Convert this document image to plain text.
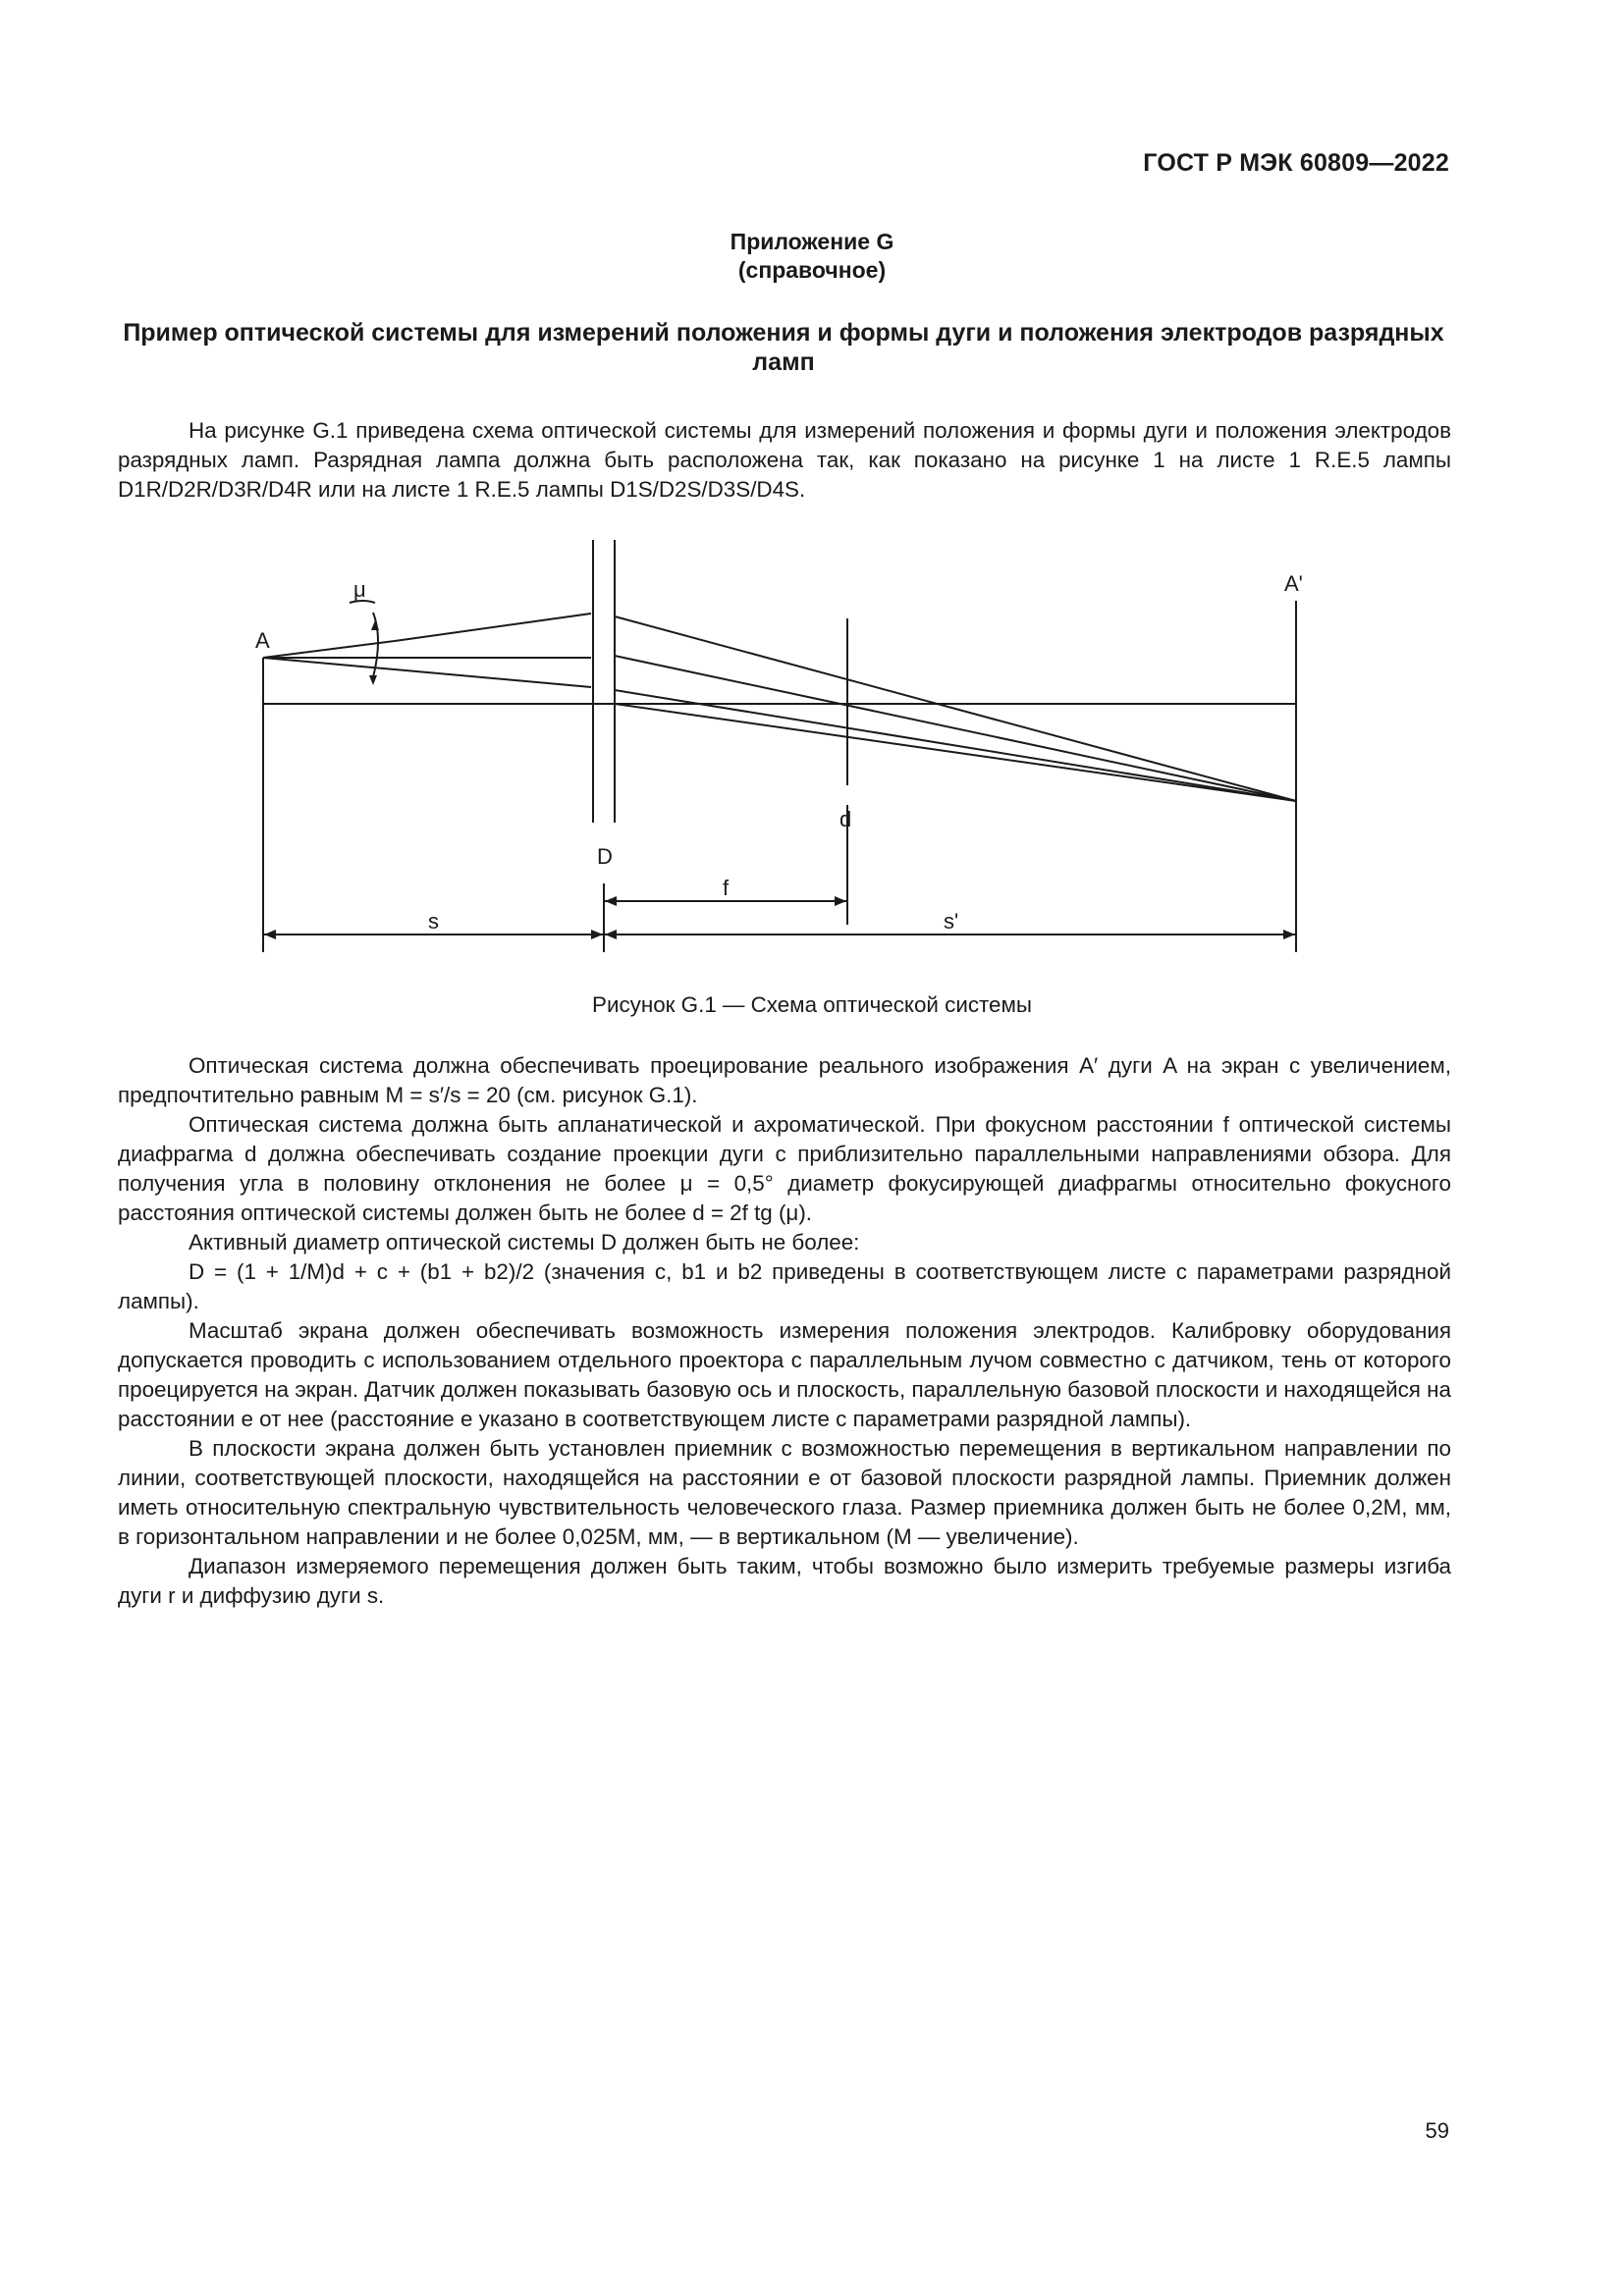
ГОСТ Р МЭК 60809—2022
Приложение G
(справочное)
Пример оптической системы для измерений положения и формы дуги и положения электродов разрядных ламп

На рисунке G.1 приведена схема оптической системы для измерений положения и формы дуги и положения электродов разрядных ламп. Разрядная лампа должна быть расположена так, как показано на рисунке 1 на листе 1 R.E.5 лампы D1R/D2R/D3R/D4R или на листе 1 R.E.5 лампы D1S/D2S/D3S/D4S.

A
A'
μ
D
d
f
s	s'
Рисунок G.1 — Схема оптической системы

Оптическая система должна обеспечивать проецирование реального изображения A′ дуги A на экран с увеличением, предпочтительно равным M = s′/s = 20 (см. рисунок G.1).

Оптическая система должна быть апланатической и ахроматической. При фокусном расстоянии f оптической системы диафрагма d должна обеспечивать создание проекции дуги с приблизительно параллельными направлениями обзора. Для получения угла в половину отклонения не более μ = 0,5° диаметр фокусирующей диафрагмы относительно фокусного расстояния оптической системы должен быть не более d = 2f tg (μ).

Активный диаметр оптической системы D должен быть не более:

D = (1 + 1/M)d + c + (b1 + b2)/2 (значения c, b1 и b2 приведены в соответствующем листе с параметрами разрядной лампы).

Масштаб экрана должен обеспечивать возможность измерения положения электродов. Калибровку оборудования допускается проводить с использованием отдельного проектора с параллельным лучом совместно с датчиком, тень от которого проецируется на экран. Датчик должен показывать базовую ось и плоскость, параллельную базовой плоскости и находящейся на расстоянии e от нее (расстояние e указано в соответствующем листе с параметрами разрядной лампы).

В плоскости экрана должен быть установлен приемник с возможностью перемещения в вертикальном направлении по линии, соответствующей плоскости, находящейся на расстоянии e от базовой плоскости разрядной лампы. Приемник должен иметь относительную спектральную чувствительность человеческого глаза. Размер приемника должен быть не более 0,2M, мм, в горизонтальном направлении и не более 0,025M, мм, — в вертикальном (M — увеличение).

Диапазон измеряемого перемещения должен быть таким, чтобы возможно было измерить требуемые размеры изгиба дуги r и диффузию дуги s.

59
